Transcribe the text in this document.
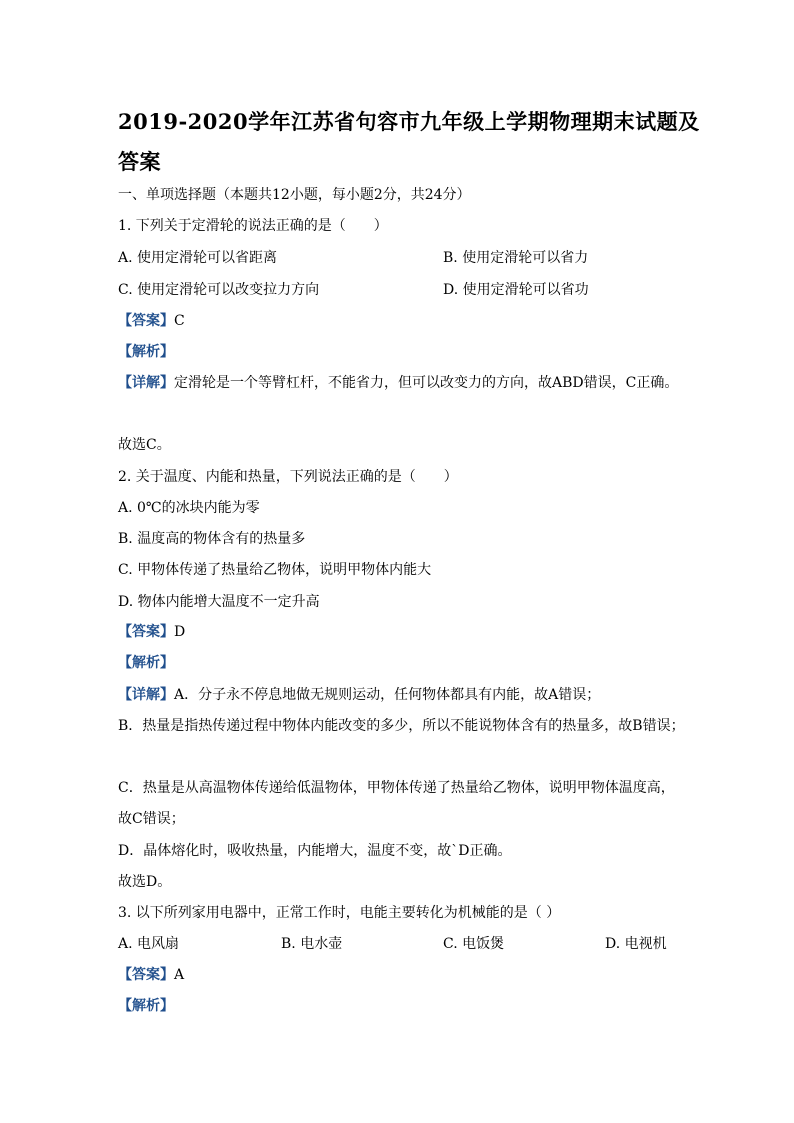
2019-2020学年江苏省句容市九年级上学期物理期末试题及
答案
一、单项选择题（本题共12小题，每小题2分，共24分）
1. 下列关于定滑轮的说法正确的是（　　）
A. 使用定滑轮可以省距离	B. 使用定滑轮可以省力
C. 使用定滑轮可以改变拉力方向	D. 使用定滑轮可以省功
【答案】C
【解析】
【详解】定滑轮是一个等臂杠杆，不能省力，但可以改变力的方向，故ABD错误，C正确。
故选C。
2. 关于温度、内能和热量，下列说法正确的是（　　）
A. 0℃的冰块内能为零
B. 温度高的物体含有的热量多
C. 甲物体传递了热量给乙物体，说明甲物体内能大
D. 物体内能增大温度不一定升高
【答案】D
【解析】
【详解】A．分子永不停息地做无规则运动，任何物体都具有内能，故A错误；
B．热量是指热传递过程中物体内能改变的多少，所以不能说物体含有的热量多，故B错误；
C．热量是从高温物体传递给低温物体，甲物体传递了热量给乙物体，说明甲物体温度高，
故C错误；
D．晶体熔化时，吸收热量，内能增大，温度不变，故`D正确。
故选D。
3. 以下所列家用电器中，正常工作时，电能主要转化为机械能的是（ ）
A. 电风扇	B. 电水壶	C. 电饭煲	D. 电视机
【答案】A
【解析】
